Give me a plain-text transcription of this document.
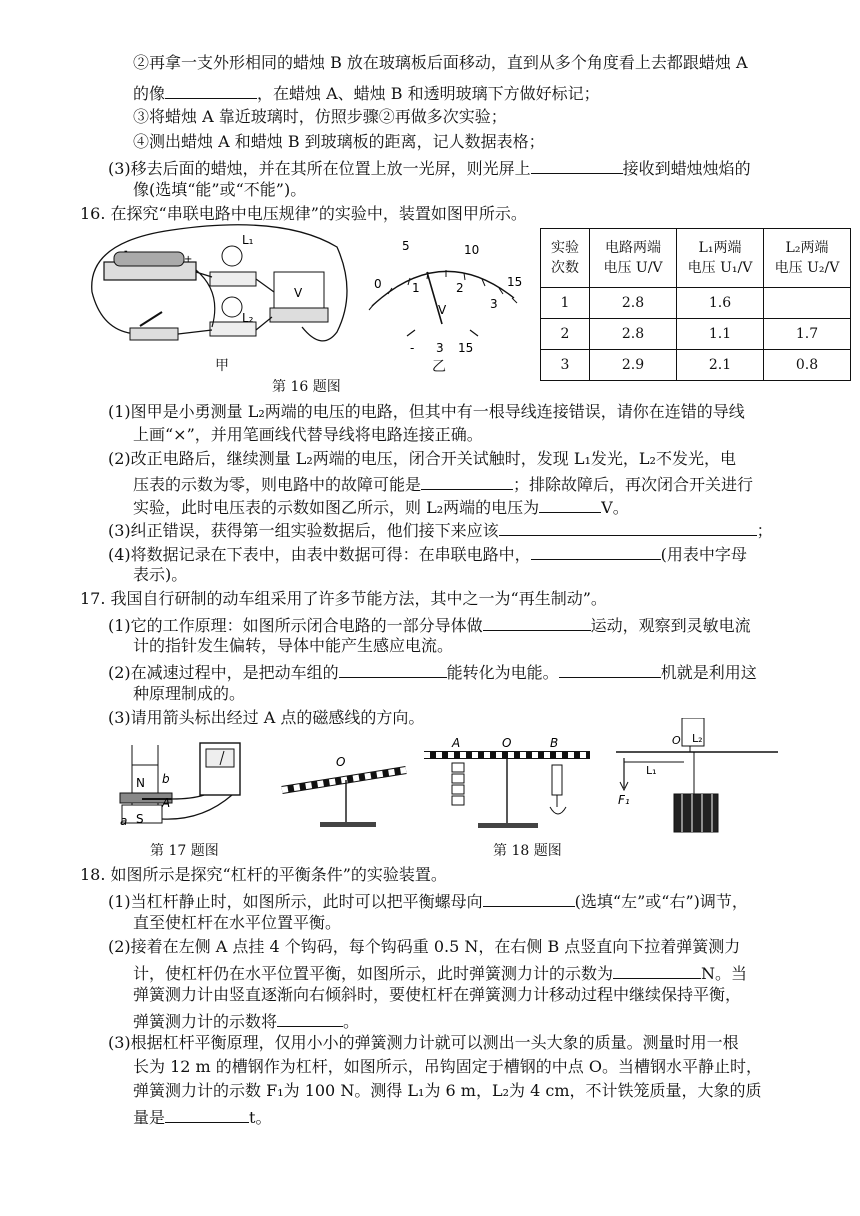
②再拿一支外形相同的蜡烛 B 放在玻璃板后面移动，直到从多个角度看上去都跟蜡烛 A
的像	，在蜡烛 A、蜡烛 B 和透明玻璃下方做好标记；
③将蜡烛 A 靠近玻璃时，仿照步骤②再做多次实验；
④测出蜡烛 A 和蜡烛 B 到玻璃板的距离，记人数据表格；
(3)移去后面的蜡烛，并在其所在位置上放一光屏，则光屏上	接收到蜡烛烛焰的
像(选填“能”或“不能”)。
16. 在探究“串联电路中电压规律”的实验中，装置如图甲所示。
-
+
L₁
L₂
V
甲
0
5	10
15
1	2
3
V
- 3 15
乙
第 16 题图
实验
次数	电路两端
电压 U/V	L₁两端
电压 U₁/V	L₂两端
电压 U₂/V
1	2.8	1.6	
2	2.8	1.1	1.7
3	2.9	2.1	0.8
(1)图甲是小勇测量 L₂两端的电压的电路，但其中有一根导线连接错误，请你在连错的导线
上画“×”，并用笔画线代替导线将电路连接正确。
(2)改正电路后，继续测量 L₂两端的电压，闭合开关试触时，发现 L₁发光，L₂不发光，电
压表的示数为零，则电路中的故障可能是	；排除故障后，再次闭合开关进行
实验，此时电压表的示数如图乙所示，则 L₂两端的电压为	V。
(3)纠正错误，获得第一组实验数据后，他们接下来应该	；
(4)将数据记录在下表中，由表中数据可得：在串联电路中，	(用表中字母
表示)。
17. 我国自行研制的动车组采用了许多节能方法，其中之一为“再生制动”。
(1)它的工作原理：如图所示闭合电路的一部分导体做	运动，观察到灵敏电流
计的指针发生偏转，导体中能产生感应电流。
(2)在减速过程中，是把动车组的	能转化为电能。	机就是利用这
种原理制成的。
(3)请用箭头标出经过 A 点的磁感线的方向。
N
S
a
b
A
第 17 题图
O
O
A	B
第 18 题图
O L₂
F₁
L₁
18. 如图所示是探究“杠杆的平衡条件”的实验装置。
(1)当杠杆静止时，如图所示，此时可以把平衡螺母向	(选填“左”或“右”)调节，
直至使杠杆在水平位置平衡。
(2)接着在左侧 A 点挂 4 个钩码，每个钩码重 0.5 N，在右侧 B 点竖直向下拉着弹簧测力
计，使杠杆仍在水平位置平衡，如图所示，此时弹簧测力计的示数为	N。当
弹簧测力计由竖直逐渐向右倾斜时，要使杠杆在弹簧测力计移动过程中继续保持平衡，
弹簧测力计的示数将	。
(3)根据杠杆平衡原理，仅用小小的弹簧测力计就可以测出一头大象的质量。测量时用一根
长为 12 m 的槽钢作为杠杆，如图所示，吊钩固定于槽钢的中点 O。当槽钢水平静止时，
弹簧测力计的示数 F₁为 100 N。测得 L₁为 6 m，L₂为 4 cm，不计铁笼质量，大象的质
量是	t。
